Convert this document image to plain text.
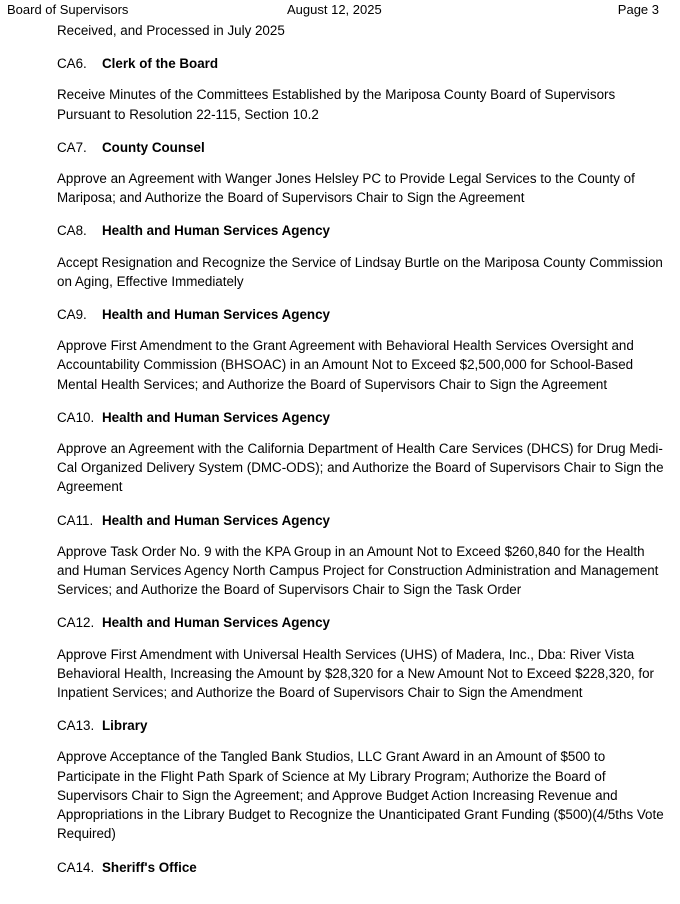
Board of Supervisors	August 12, 2025	Page 3

Received, and Processed in July 2025

CA6. Clerk of the Board

Receive Minutes of the Committees Established by the Mariposa County Board of Supervisors Pursuant to Resolution 22-115, Section 10.2

CA7. County Counsel

Approve an Agreement with Wanger Jones Helsley PC to Provide Legal Services to the County of Mariposa; and Authorize the Board of Supervisors Chair to Sign the Agreement

CA8. Health and Human Services Agency

Accept Resignation and Recognize the Service of Lindsay Burtle on the Mariposa County Commission on Aging, Effective Immediately

CA9. Health and Human Services Agency

Approve First Amendment to the Grant Agreement with Behavioral Health Services Oversight and Accountability Commission (BHSOAC) in an Amount Not to Exceed $2,500,000 for School-Based Mental Health Services; and Authorize the Board of Supervisors Chair to Sign the Agreement

CA10. Health and Human Services Agency

Approve an Agreement with the California Department of Health Care Services (DHCS) for Drug Medi-Cal Organized Delivery System (DMC-ODS); and Authorize the Board of Supervisors Chair to Sign the Agreement

CA11. Health and Human Services Agency

Approve Task Order No. 9 with the KPA Group in an Amount Not to Exceed $260,840 for the Health and Human Services Agency North Campus Project for Construction Administration and Management Services; and Authorize the Board of Supervisors Chair to Sign the Task Order

CA12. Health and Human Services Agency

Approve First Amendment with Universal Health Services (UHS) of Madera, Inc., Dba: River Vista Behavioral Health, Increasing the Amount by $28,320 for a New Amount Not to Exceed $228,320, for Inpatient Services; and Authorize the Board of Supervisors Chair to Sign the Amendment

CA13. Library

Approve Acceptance of the Tangled Bank Studios, LLC Grant Award in an Amount of $500 to Participate in the Flight Path Spark of Science at My Library Program; Authorize the Board of Supervisors Chair to Sign the Agreement; and Approve Budget Action Increasing Revenue and Appropriations in the Library Budget to Recognize the Unanticipated Grant Funding ($500)(4/5ths Vote Required)

CA14. Sheriff's Office
